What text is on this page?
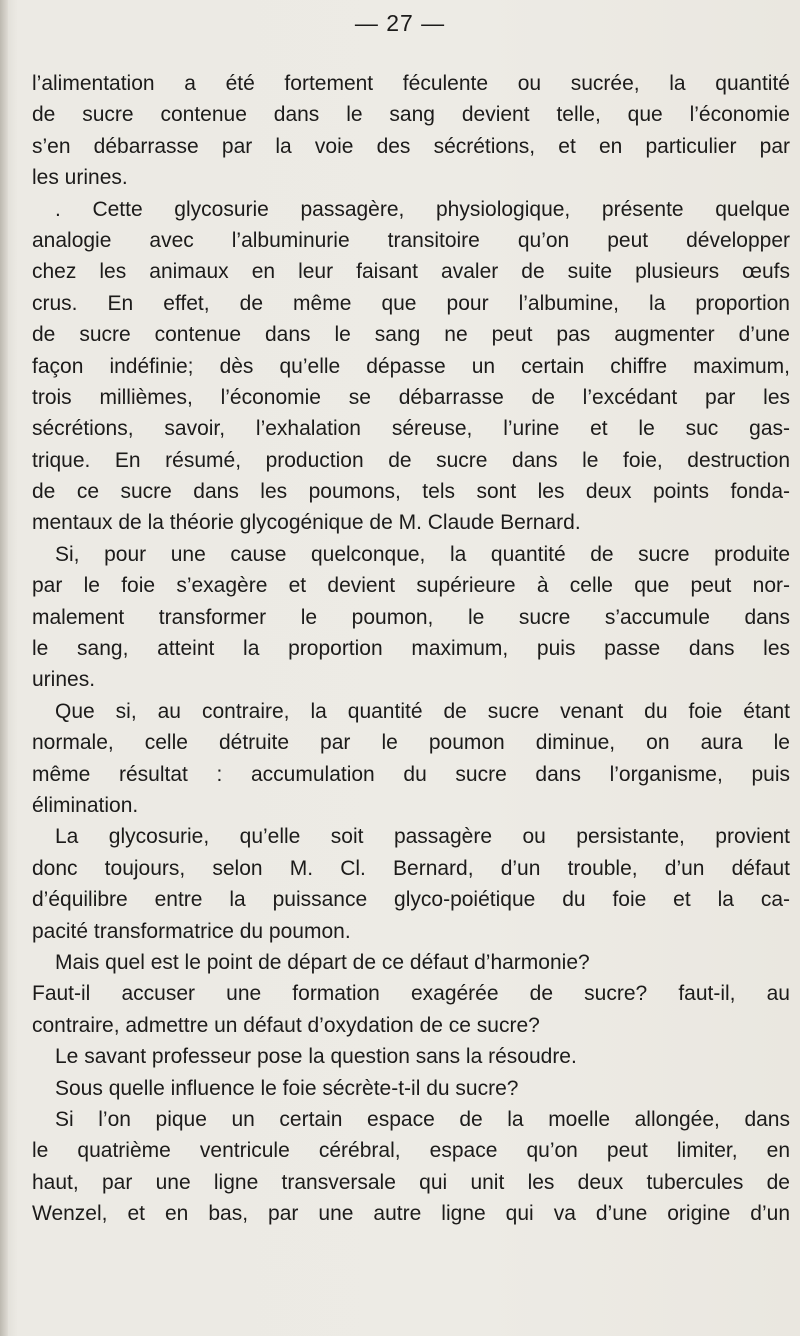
— 27 —
l’alimentation a été fortement féculente ou sucrée, la quantité
de sucre contenue dans le sang devient telle, que l’économie
s’en débarrasse par la voie des sécrétions, et en particulier par
les urines.
. Cette glycosurie passagère, physiologique, présente quelque
analogie avec l’albuminurie transitoire qu’on peut développer
chez les animaux en leur faisant avaler de suite plusieurs œufs
crus. En effet, de même que pour l’albumine, la proportion
de sucre contenue dans le sang ne peut pas augmenter d’une
façon indéfinie; dès qu’elle dépasse un certain chiffre maximum,
trois millièmes, l’économie se débarrasse de l’excédant par les
sécrétions, savoir, l’exhalation séreuse, l’urine et le suc gas-
trique. En résumé, production de sucre dans le foie, destruction
de ce sucre dans les poumons, tels sont les deux points fonda-
mentaux de la théorie glycogénique de M. Claude Bernard.
Si, pour une cause quelconque, la quantité de sucre produite
par le foie s’exagère et devient supérieure à celle que peut nor-
malement transformer le poumon, le sucre s’accumule dans
le sang, atteint la proportion maximum, puis passe dans les
urines.
Que si, au contraire, la quantité de sucre venant du foie étant
normale, celle détruite par le poumon diminue, on aura le
même résultat : accumulation du sucre dans l’organisme, puis
élimination.
La glycosurie, qu’elle soit passagère ou persistante, provient
donc toujours, selon M. Cl. Bernard, d’un trouble, d’un défaut
d’équilibre entre la puissance glyco-poiétique du foie et la ca-
pacité transformatrice du poumon.
Mais quel est le point de départ de ce défaut d’harmonie?
Faut-il accuser une formation exagérée de sucre? faut-il, au
contraire, admettre un défaut d’oxydation de ce sucre?
Le savant professeur pose la question sans la résoudre.
Sous quelle influence le foie sécrète-t-il du sucre?
Si l’on pique un certain espace de la moelle allongée, dans
le quatrième ventricule cérébral, espace qu’on peut limiter, en
haut, par une ligne transversale qui unit les deux tubercules de
Wenzel, et en bas, par une autre ligne qui va d’une origine d’un
